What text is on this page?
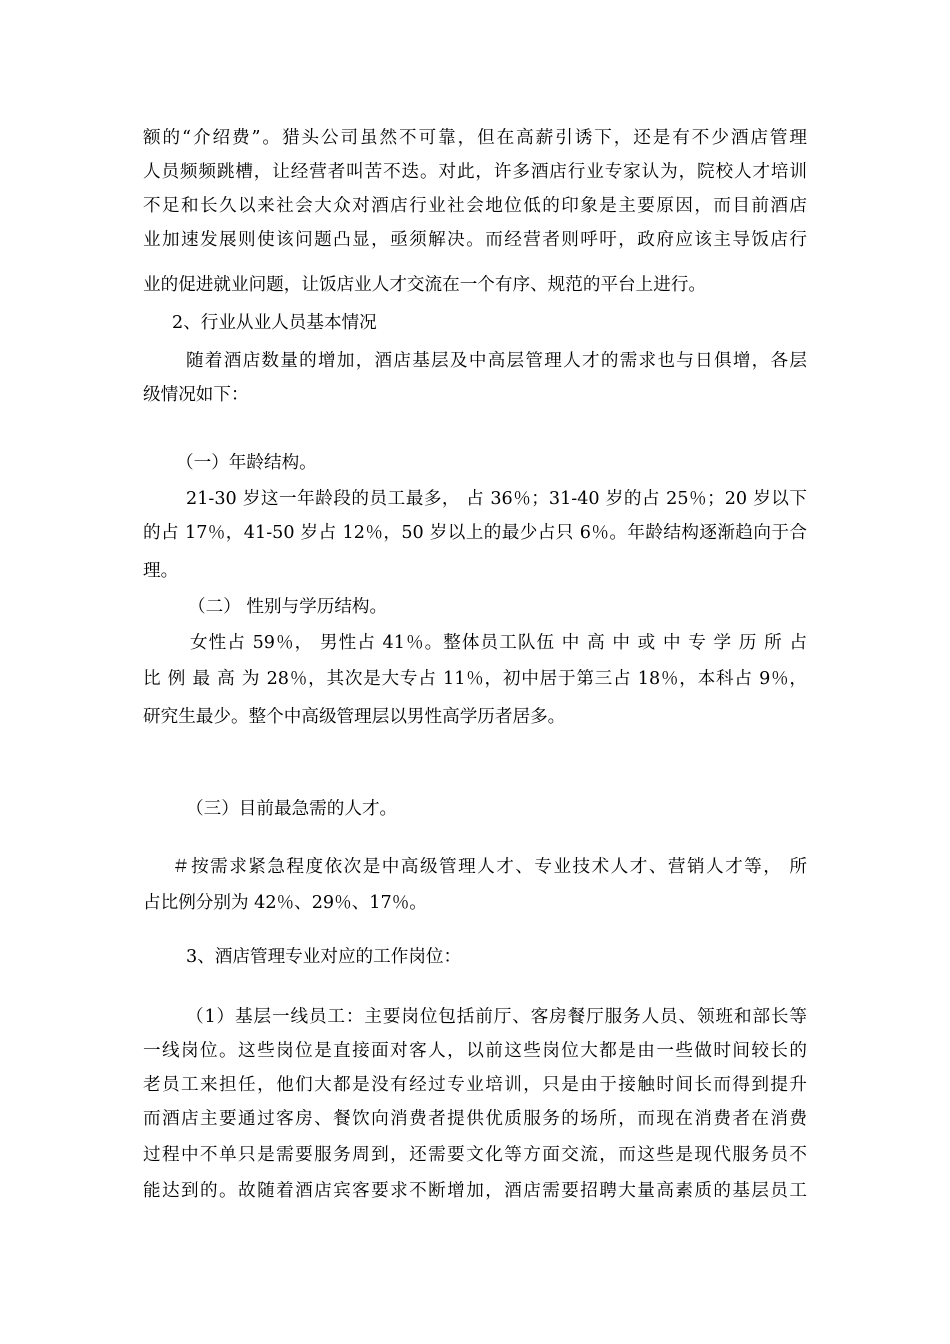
额的“介绍费”。猎头公司虽然不可靠，但在高薪引诱下，还是有不少酒店管理
人员频频跳槽，让经营者叫苦不迭。对此，许多酒店行业专家认为，院校人才培训
不足和长久以来社会大众对酒店行业社会地位低的印象是主要原因，而目前酒店
业加速发展则使该问题凸显，亟须解决。而经营者则呼吁，政府应该主导饭店行
业的促进就业问题，让饭店业人才交流在一个有序、规范的平台上进行。
2、行业从业人员基本情况
随着酒店数量的增加，酒店基层及中高层管理人才的需求也与日俱增，各层
级情况如下：
（一）年龄结构。
21-30 岁这一年龄段的员工最多， 占 36％；31-40 岁的占 25％；20 岁以下
的占 17％，41-50 岁占 12％，50 岁以上的最少占只 6％。年龄结构逐渐趋向于合
理。
（二） 性别与学历结构。
女性占 59％， 男性占 41％。整体员工队伍 中 高 中 或 中 专 学 历 所 占
比 例 最 高 为 28％，其次是大专占 11％，初中居于第三占 18％，本科占 9％，
研究生最少。整个中高级管理层以男性高学历者居多。
（三）目前最急需的人才。
＃按需求紧急程度依次是中高级管理人才、专业技术人才、营销人才等， 所
占比例分别为 42％、29％、17％。
3、酒店管理专业对应的工作岗位：
（1）基层一线员工：主要岗位包括前厅、客房餐厅服务人员、领班和部长等
一线岗位。这些岗位是直接面对客人，以前这些岗位大都是由一些做时间较长的
老员工来担任，他们大都是没有经过专业培训，只是由于接触时间长而得到提升
而酒店主要通过客房、餐饮向消费者提供优质服务的场所，而现在消费者在消费
过程中不单只是需要服务周到，还需要文化等方面交流，而这些是现代服务员不
能达到的。故随着酒店宾客要求不断增加，酒店需要招聘大量高素质的基层员工
